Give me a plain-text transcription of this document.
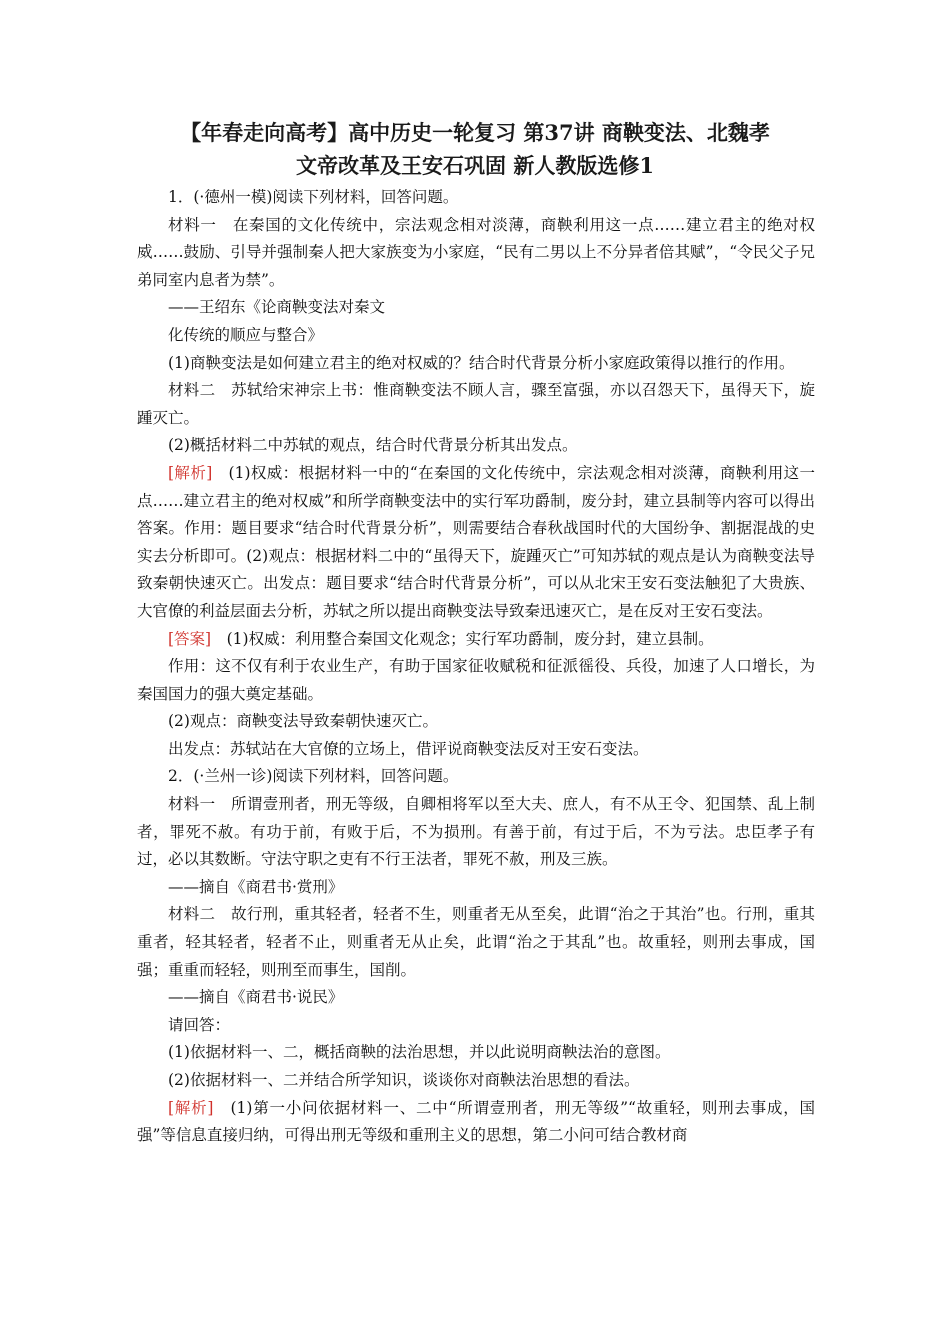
【年春走向高考】高中历史一轮复习 第37讲 商鞅变法、北魏孝
文帝改革及王安石巩固 新人教版选修1

1．(·德州一模)阅读下列材料，回答问题。

材料一　在秦国的文化传统中，宗法观念相对淡薄，商鞅利用这一点……建立君主的绝对权威……鼓励、引导并强制秦人把大家族变为小家庭，“民有二男以上不分异者倍其赋”，“令民父子兄弟同室内息者为禁”。

——王绍东《论商鞅变法对秦文

化传统的顺应与整合》

(1)商鞅变法是如何建立君主的绝对权威的？结合时代背景分析小家庭政策得以推行的作用。

材料二　苏轼给宋神宗上书：惟商鞅变法不顾人言，骤至富强，亦以召怨天下，虽得天下，旋踵灭亡。

(2)概括材料二中苏轼的观点，结合时代背景分析其出发点。

[解析]　(1)权威：根据材料一中的“在秦国的文化传统中，宗法观念相对淡薄，商鞅利用这一点……建立君主的绝对权威”和所学商鞅变法中的实行军功爵制，废分封，建立县制等内容可以得出答案。作用：题目要求“结合时代背景分析”，则需要结合春秋战国时代的大国纷争、割据混战的史实去分析即可。(2)观点：根据材料二中的“虽得天下，旋踵灭亡”可知苏轼的观点是认为商鞅变法导致秦朝快速灭亡。出发点：题目要求“结合时代背景分析”，可以从北宋王安石变法触犯了大贵族、大官僚的利益层面去分析，苏轼之所以提出商鞅变法导致秦迅速灭亡，是在反对王安石变法。

[答案]　(1)权威：利用整合秦国文化观念；实行军功爵制，废分封，建立县制。

作用：这不仅有利于农业生产，有助于国家征收赋税和征派徭役、兵役，加速了人口增长，为秦国国力的强大奠定基础。

(2)观点：商鞅变法导致秦朝快速灭亡。

出发点：苏轼站在大官僚的立场上，借评说商鞅变法反对王安石变法。

2．(·兰州一诊)阅读下列材料，回答问题。

材料一　所谓壹刑者，刑无等级，自卿相将军以至大夫、庶人，有不从王令、犯国禁、乱上制者，罪死不赦。有功于前，有败于后，不为损刑。有善于前，有过于后，不为亏法。忠臣孝子有过，必以其数断。守法守职之吏有不行王法者，罪死不赦，刑及三族。

——摘自《商君书·赏刑》

材料二　故行刑，重其轻者，轻者不生，则重者无从至矣，此谓“治之于其治”也。行刑，重其重者，轻其轻者，轻者不止，则重者无从止矣，此谓“治之于其乱”也。故重轻，则刑去事成，国强；重重而轻轻，则刑至而事生，国削。

——摘自《商君书·说民》

请回答：

(1)依据材料一、二，概括商鞅的法治思想，并以此说明商鞅法治的意图。

(2)依据材料一、二并结合所学知识，谈谈你对商鞅法治思想的看法。

[解析]　(1)第一小问依据材料一、二中“所谓壹刑者，刑无等级”“故重轻，则刑去事成，国强”等信息直接归纳，可得出刑无等级和重刑主义的思想，第二小问可结合教材商
